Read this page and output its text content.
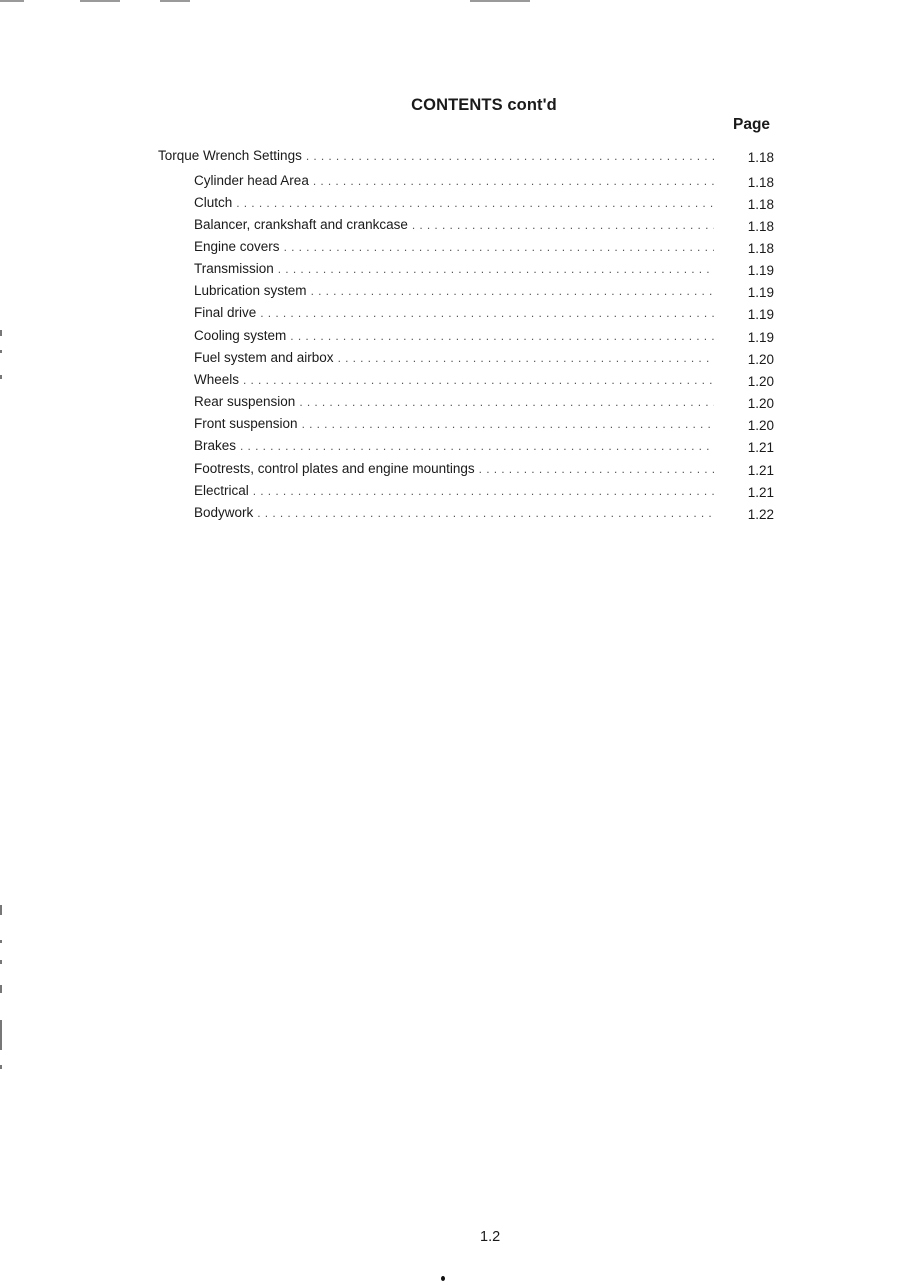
CONTENTS cont'd
Page
Torque Wrench Settings . . .	1.18
Cylinder head Area . . .	1.18
Clutch . . .	1.18
Balancer, crankshaft and crankcase . . .	1.18
Engine covers . . .	1.18
Transmission . . .	1.19
Lubrication system . . .	1.19
Final drive . . .	1.19
Cooling system . . .	1.19
Fuel system and airbox . . .	1.20
Wheels . . .	1.20
Rear suspension . . .	1.20
Front suspension . . .	1.20
Brakes . . .	1.21
Footrests, control plates and engine mountings . . .	1.21
Electrical . . .	1.21
Bodywork . . .	1.22
1.2
